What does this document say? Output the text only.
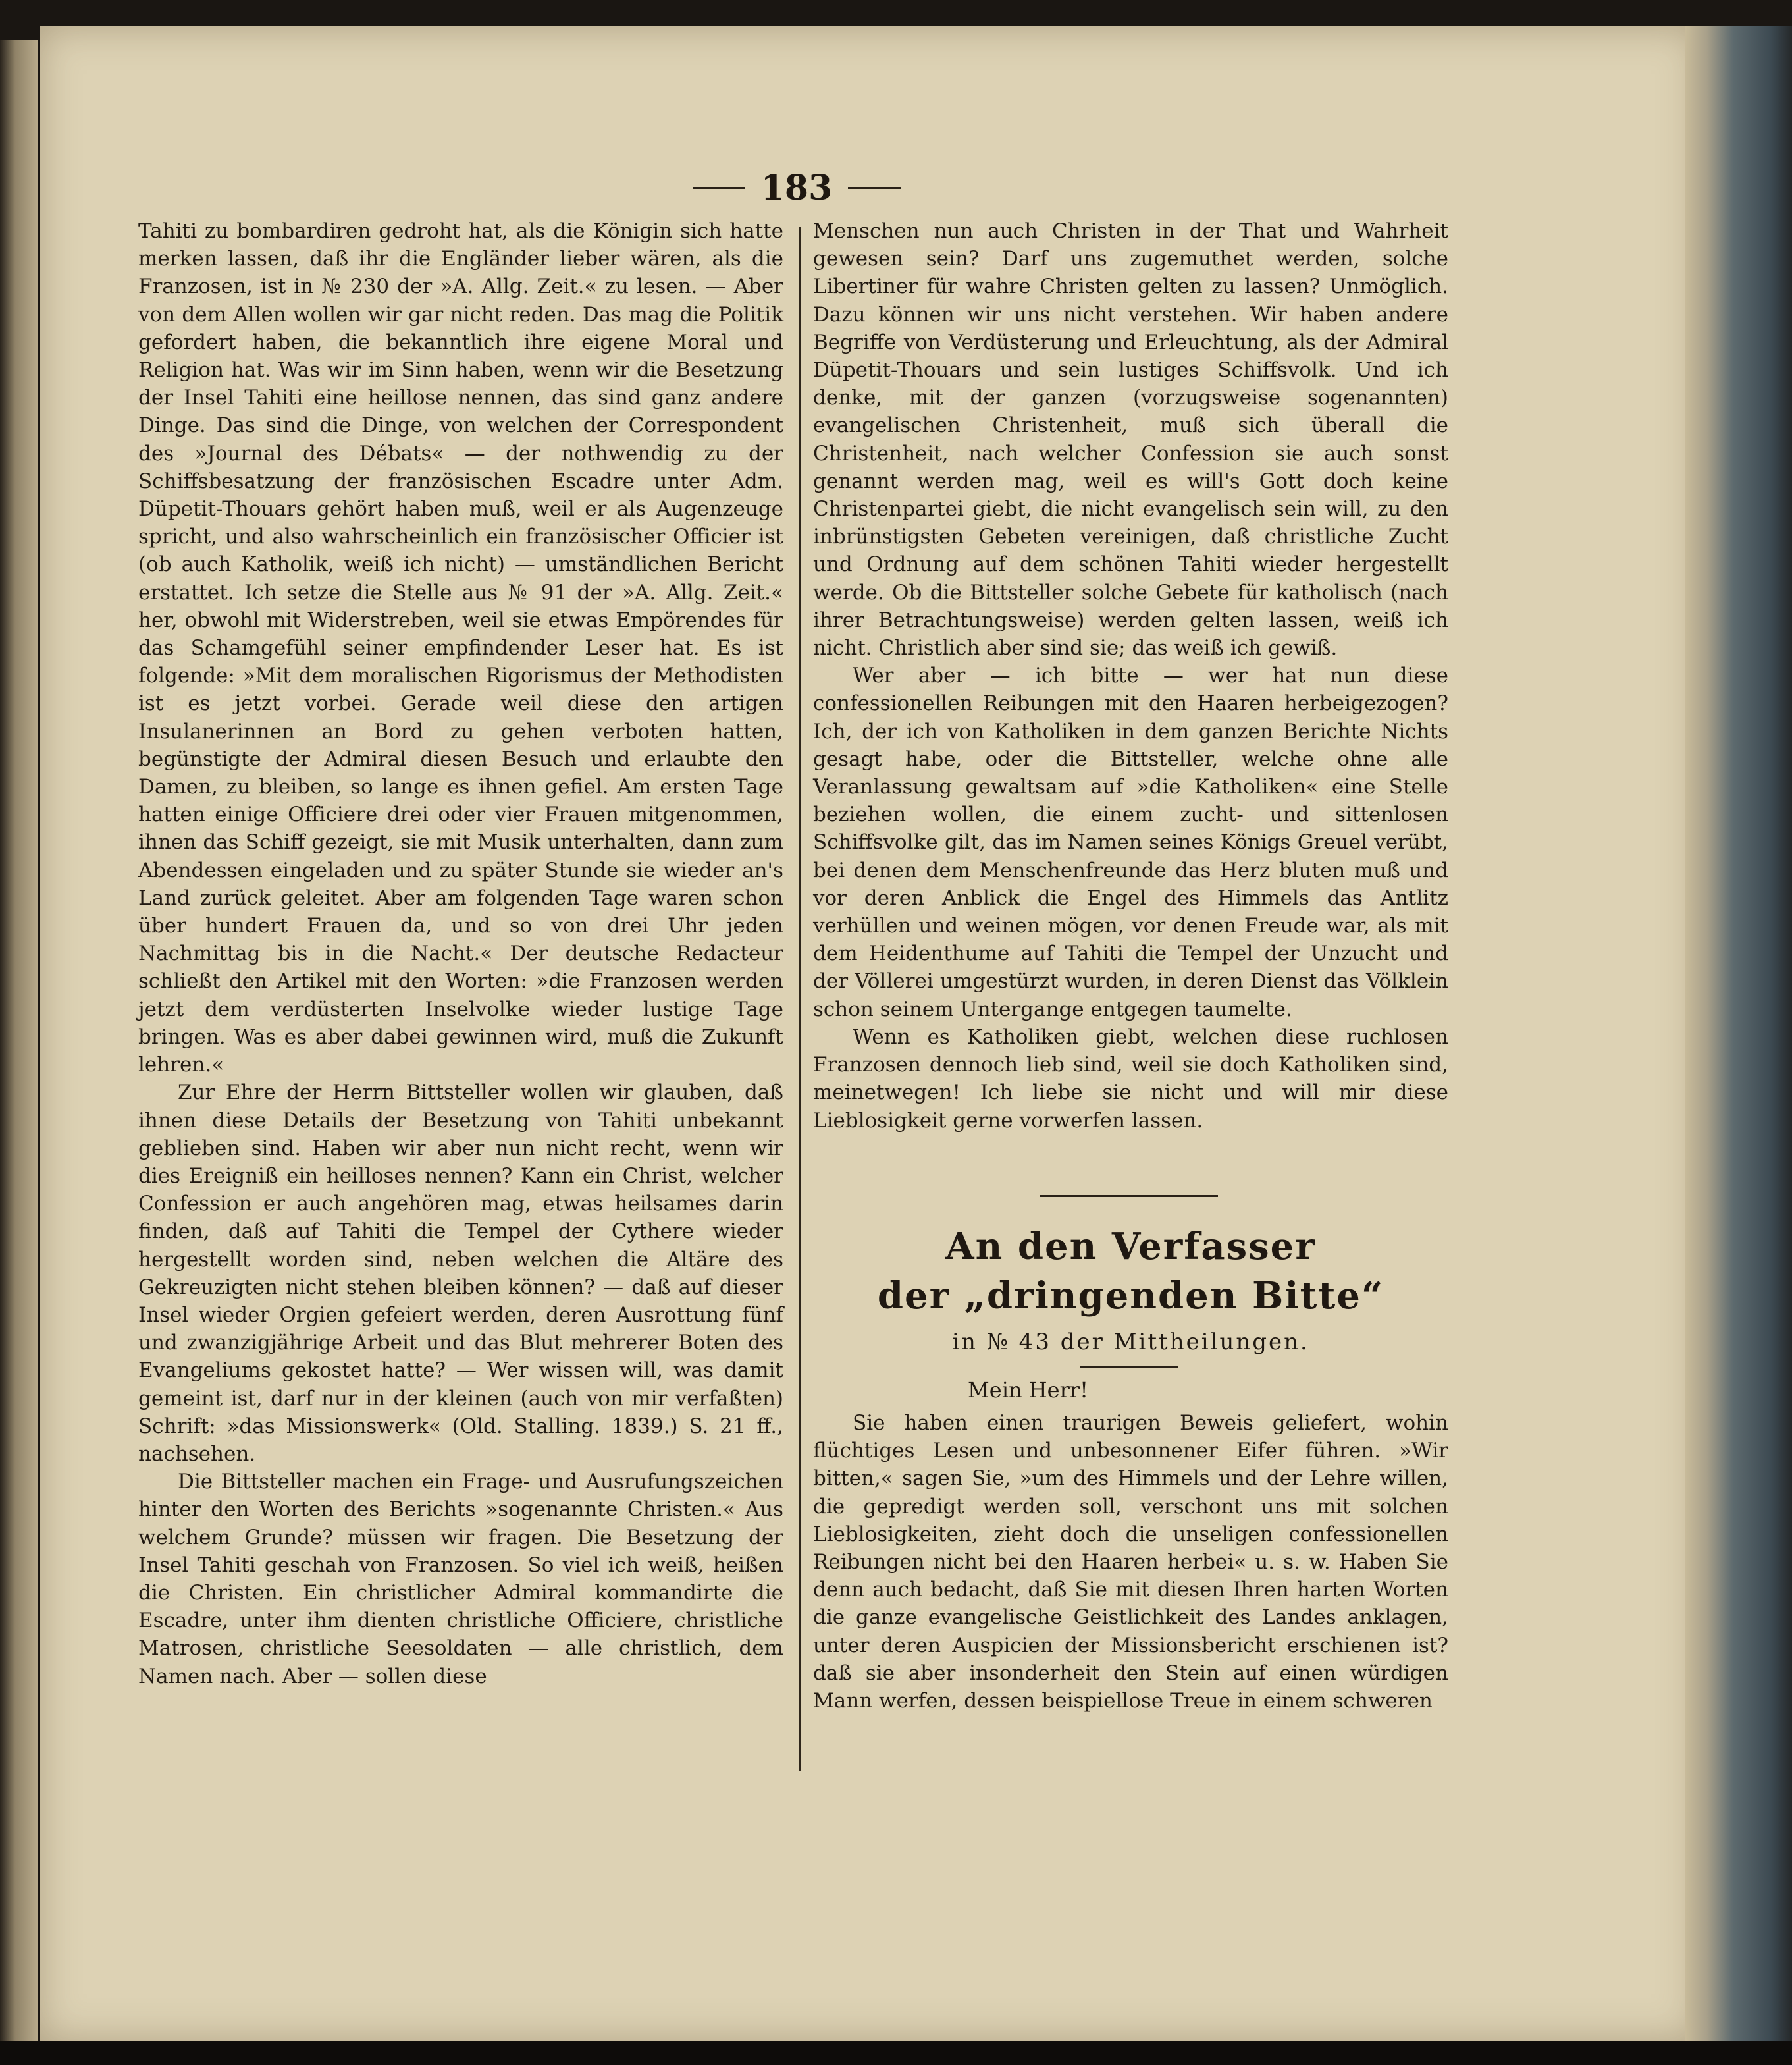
183

Tahiti zu bombardiren gedroht hat, als die Königin sich hatte merken lassen, daß ihr die Engländer lieber wären, als die Franzosen, ist in № 230 der »A. Allg. Zeit.« zu lesen. — Aber von dem Allen wollen wir gar nicht reden. Das mag die Politik gefordert haben, die bekanntlich ihre eigene Moral und Religion hat. Was wir im Sinn haben, wenn wir die Besetzung der Insel Tahiti eine heillose nennen, das sind ganz andere Dinge. Das sind die Dinge, von welchen der Correspondent des »Journal des Débats« — der nothwendig zu der Schiffsbesatzung der französischen Escadre unter Adm. Düpetit-Thouars gehört haben muß, weil er als Augenzeuge spricht, und also wahrscheinlich ein französischer Officier ist (ob auch Katholik, weiß ich nicht) — umständlichen Bericht erstattet. Ich setze die Stelle aus № 91 der »A. Allg. Zeit.« her, obwohl mit Widerstreben, weil sie etwas Empörendes für das Schamgefühl seiner empfindender Leser hat. Es ist folgende: »Mit dem moralischen Rigorismus der Methodisten ist es jetzt vorbei. Gerade weil diese den artigen Insulanerinnen an Bord zu gehen verboten hatten, begünstigte der Admiral diesen Besuch und erlaubte den Damen, zu bleiben, so lange es ihnen gefiel. Am ersten Tage hatten einige Officiere drei oder vier Frauen mitgenommen, ihnen das Schiff gezeigt, sie mit Musik unterhalten, dann zum Abendessen eingeladen und zu später Stunde sie wieder an's Land zurück geleitet. Aber am folgenden Tage waren schon über hundert Frauen da, und so von drei Uhr jeden Nachmittag bis in die Nacht.« Der deutsche Redacteur schließt den Artikel mit den Worten: »die Franzosen werden jetzt dem verdüsterten Inselvolke wieder lustige Tage bringen. Was es aber dabei gewinnen wird, muß die Zukunft lehren.«

Zur Ehre der Herrn Bittsteller wollen wir glauben, daß ihnen diese Details der Besetzung von Tahiti unbekannt geblieben sind. Haben wir aber nun nicht recht, wenn wir dies Ereigniß ein heilloses nennen? Kann ein Christ, welcher Confession er auch angehören mag, etwas heilsames darin finden, daß auf Tahiti die Tempel der Cythere wieder hergestellt worden sind, neben welchen die Altäre des Gekreuzigten nicht stehen bleiben können? — daß auf dieser Insel wieder Orgien gefeiert werden, deren Ausrottung fünf und zwanzigjährige Arbeit und das Blut mehrerer Boten des Evangeliums gekostet hatte? — Wer wissen will, was damit gemeint ist, darf nur in der kleinen (auch von mir verfaßten) Schrift: »das Missionswerk« (Old. Stalling. 1839.) S. 21 ff., nachsehen.

Die Bittsteller machen ein Frage- und Ausrufungszeichen hinter den Worten des Berichts »sogenannte Christen.« Aus welchem Grunde? müssen wir fragen. Die Besetzung der Insel Tahiti geschah von Franzosen. So viel ich weiß, heißen die Christen. Ein christlicher Admiral kommandirte die Escadre, unter ihm dienten christliche Officiere, christliche Matrosen, christliche Seesoldaten — alle christlich, dem Namen nach. Aber — sollen diese

Menschen nun auch Christen in der That und Wahrheit gewesen sein? Darf uns zugemuthet werden, solche Libertiner für wahre Christen gelten zu lassen? Unmöglich. Dazu können wir uns nicht verstehen. Wir haben andere Begriffe von Verdüsterung und Erleuchtung, als der Admiral Düpetit-Thouars und sein lustiges Schiffsvolk. Und ich denke, mit der ganzen (vorzugsweise sogenannten) evangelischen Christenheit, muß sich überall die Christenheit, nach welcher Confession sie auch sonst genannt werden mag, weil es will's Gott doch keine Christenpartei giebt, die nicht evangelisch sein will, zu den inbrünstigsten Gebeten vereinigen, daß christliche Zucht und Ordnung auf dem schönen Tahiti wieder hergestellt werde. Ob die Bittsteller solche Gebete für katholisch (nach ihrer Betrachtungsweise) werden gelten lassen, weiß ich nicht. Christlich aber sind sie; das weiß ich gewiß.

Wer aber — ich bitte — wer hat nun diese confessionellen Reibungen mit den Haaren herbeigezogen? Ich, der ich von Katholiken in dem ganzen Berichte Nichts gesagt habe, oder die Bittsteller, welche ohne alle Veranlassung gewaltsam auf »die Katholiken« eine Stelle beziehen wollen, die einem zucht- und sittenlosen Schiffsvolke gilt, das im Namen seines Königs Greuel verübt, bei denen dem Menschenfreunde das Herz bluten muß und vor deren Anblick die Engel des Himmels das Antlitz verhüllen und weinen mögen, vor denen Freude war, als mit dem Heidenthume auf Tahiti die Tempel der Unzucht und der Völlerei umgestürzt wurden, in deren Dienst das Völklein schon seinem Untergange entgegen taumelte.

Wenn es Katholiken giebt, welchen diese ruchlosen Franzosen dennoch lieb sind, weil sie doch Katholiken sind, meinetwegen! Ich liebe sie nicht und will mir diese Lieblosigkeit gerne vorwerfen lassen.

An den Verfasser
der „dringenden Bitte“
in № 43 der Mittheilungen.
Mein Herr!

Sie haben einen traurigen Beweis geliefert, wohin flüchtiges Lesen und unbesonnener Eifer führen. »Wir bitten,« sagen Sie, »um des Himmels und der Lehre willen, die gepredigt werden soll, verschont uns mit solchen Lieblosigkeiten, zieht doch die unseligen confessionellen Reibungen nicht bei den Haaren herbei« u. s. w. Haben Sie denn auch bedacht, daß Sie mit diesen Ihren harten Worten die ganze evangelische Geistlichkeit des Landes anklagen, unter deren Auspicien der Missionsbericht erschienen ist? daß sie aber insonderheit den Stein auf einen würdigen Mann werfen, dessen beispiellose Treue in einem schweren
